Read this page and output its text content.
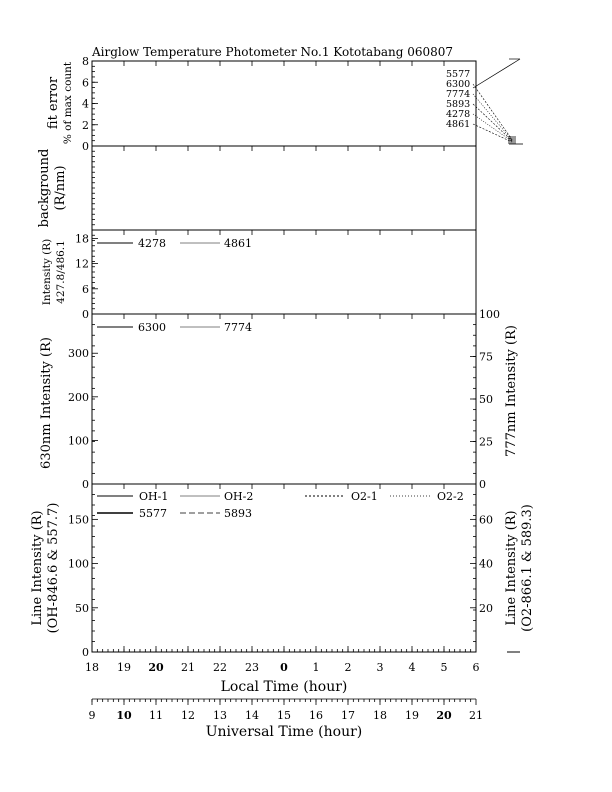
Airglow Temperature Photometer No.1 Kototabang 060807
fit error % of max count
background (R/nm)
Intensity (R) 427.8/486.1
630nm Intensity (R)	777nm Intensity (R)
Line Intensity (R) (OH-846.6 & 557.7)	Line Intensity (R) (O2-866.1 & 589.3)
Local Time (hour)
Universal Time (hour)
18 19 20 21 22 23 0 1 2 3 4 5 6
9 10 11 12 13 14 15 16 17 18 19 20 21
0
2
4
6
8
0
6
12
18
0
100
200
300
0
25
50
75
100
0
50
100
150
20
40
60
4278	4861
6300	7774
OH-1	OH-2	O2-1	O2-2
5577	5893
5577
6300
7774
5893
4278
4861
